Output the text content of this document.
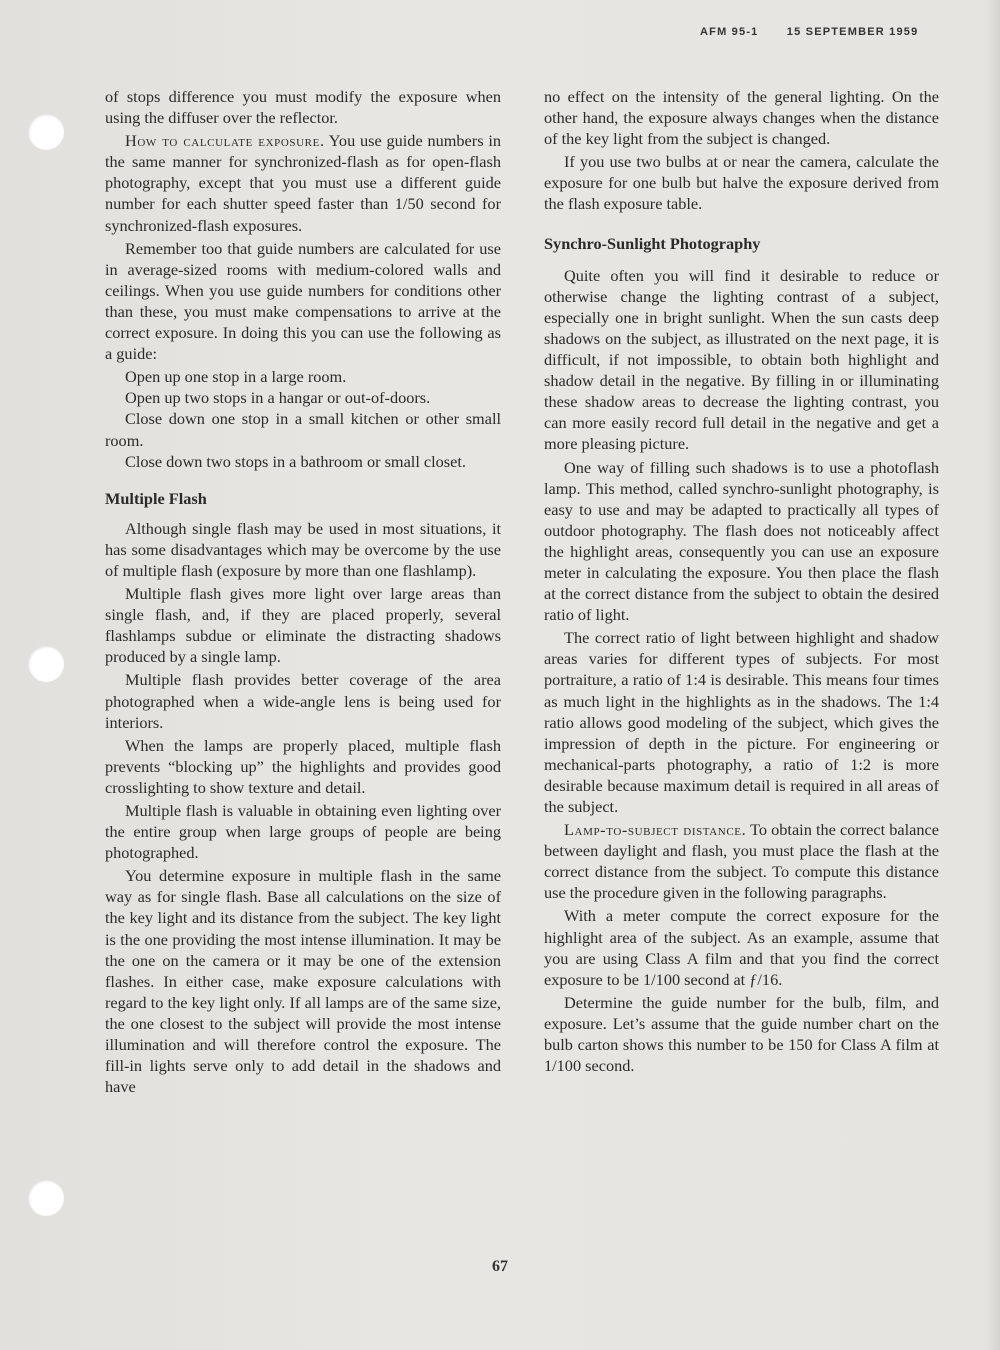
AFM 95-1	15 SEPTEMBER 1959

of stops difference you must modify the exposure when using the diffuser over the reflector.

How to calculate exposure. You use guide numbers in the same manner for synchronized-flash as for open-flash photography, except that you must use a different guide number for each shutter speed faster than 1/50 second for synchronized-flash exposures.

Remember too that guide numbers are calculated for use in average-sized rooms with medium-colored walls and ceilings. When you use guide numbers for conditions other than these, you must make compensations to arrive at the correct exposure. In doing this you can use the following as a guide:

Open up one stop in a large room.

Open up two stops in a hangar or out-of-doors.

Close down one stop in a small kitchen or other small room.

Close down two stops in a bathroom or small closet.

Multiple Flash

Although single flash may be used in most situations, it has some disadvantages which may be overcome by the use of multiple flash (exposure by more than one flashlamp).

Multiple flash gives more light over large areas than single flash, and, if they are placed properly, several flashlamps subdue or eliminate the distracting shadows produced by a single lamp.

Multiple flash provides better coverage of the area photographed when a wide-angle lens is being used for interiors.

When the lamps are properly placed, multiple flash prevents “blocking up” the highlights and provides good crosslighting to show texture and detail.

Multiple flash is valuable in obtaining even lighting over the entire group when large groups of people are being photographed.

You determine exposure in multiple flash in the same way as for single flash. Base all calculations on the size of the key light and its distance from the subject. The key light is the one providing the most intense illumination. It may be the one on the camera or it may be one of the extension flashes. In either case, make exposure calculations with regard to the key light only. If all lamps are of the same size, the one closest to the subject will provide the most intense illumination and will therefore control the exposure. The fill-in lights serve only to add detail in the shadows and have

no effect on the intensity of the general lighting. On the other hand, the exposure always changes when the distance of the key light from the subject is changed.

If you use two bulbs at or near the camera, calculate the exposure for one bulb but halve the exposure derived from the flash exposure table.

Synchro-Sunlight Photography

Quite often you will find it desirable to reduce or otherwise change the lighting contrast of a subject, especially one in bright sunlight. When the sun casts deep shadows on the subject, as illustrated on the next page, it is difficult, if not impossible, to obtain both highlight and shadow detail in the negative. By filling in or illuminating these shadow areas to decrease the lighting contrast, you can more easily record full detail in the negative and get a more pleasing picture.

One way of filling such shadows is to use a photoflash lamp. This method, called synchro-sunlight photography, is easy to use and may be adapted to practically all types of outdoor photography. The flash does not noticeably affect the highlight areas, consequently you can use an exposure meter in calculating the exposure. You then place the flash at the correct distance from the subject to obtain the desired ratio of light.

The correct ratio of light between highlight and shadow areas varies for different types of subjects. For most portraiture, a ratio of 1:4 is desirable. This means four times as much light in the highlights as in the shadows. The 1:4 ratio allows good modeling of the subject, which gives the impression of depth in the picture. For engineering or mechanical-parts photography, a ratio of 1:2 is more desirable because maximum detail is required in all areas of the subject.

Lamp-to-subject distance. To obtain the correct balance between daylight and flash, you must place the flash at the correct distance from the subject. To compute this distance use the procedure given in the following paragraphs.

With a meter compute the correct exposure for the highlight area of the subject. As an example, assume that you are using Class A film and that you find the correct exposure to be 1/100 second at ƒ/16.

Determine the guide number for the bulb, film, and exposure. Let’s assume that the guide number chart on the bulb carton shows this number to be 150 for Class A film at 1/100 second.

67
